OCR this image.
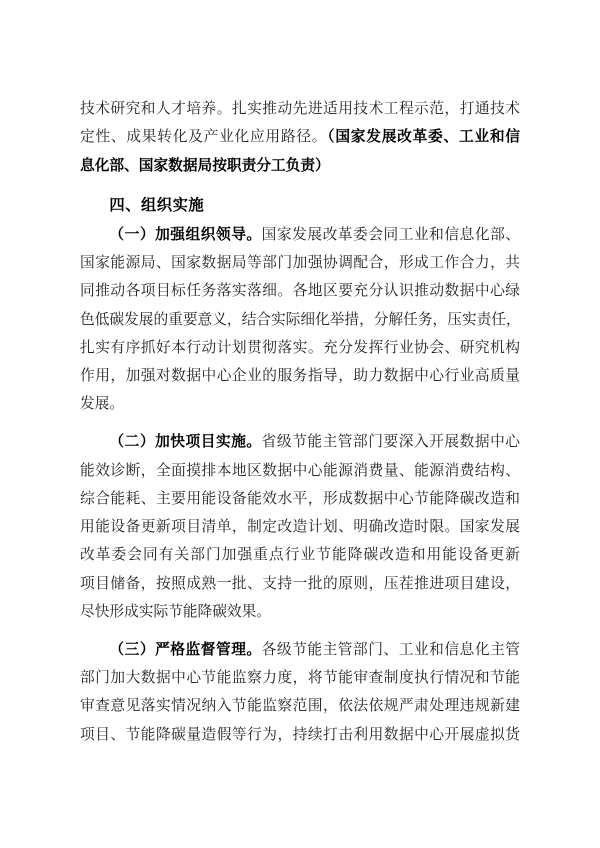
技术研究和人才培养。扎实推动先进适用技术工程示范，打通技术
定性、成果转化及产业化应用路径。（国家发展改革委、工业和信
息化部、国家数据局按职责分工负责）
四、组织实施
（一）加强组织领导。国家发展改革委会同工业和信息化部、
国家能源局、国家数据局等部门加强协调配合，形成工作合力，共
同推动各项目标任务落实落细。各地区要充分认识推动数据中心绿
色低碳发展的重要意义，结合实际细化举措，分解任务，压实责任，
扎实有序抓好本行动计划贯彻落实。充分发挥行业协会、研究机构
作用，加强对数据中心企业的服务指导，助力数据中心行业高质量
发展。
（二）加快项目实施。省级节能主管部门要深入开展数据中心
能效诊断，全面摸排本地区数据中心能源消费量、能源消费结构、
综合能耗、主要用能设备能效水平，形成数据中心节能降碳改造和
用能设备更新项目清单，制定改造计划、明确改造时限。国家发展
改革委会同有关部门加强重点行业节能降碳改造和用能设备更新
项目储备，按照成熟一批、支持一批的原则，压茬推进项目建设，
尽快形成实际节能降碳效果。
（三）严格监督管理。各级节能主管部门、工业和信息化主管
部门加大数据中心节能监察力度，将节能审查制度执行情况和节能
审查意见落实情况纳入节能监察范围，依法依规严肃处理违规新建
项目、节能降碳量造假等行为，持续打击利用数据中心开展虚拟货
